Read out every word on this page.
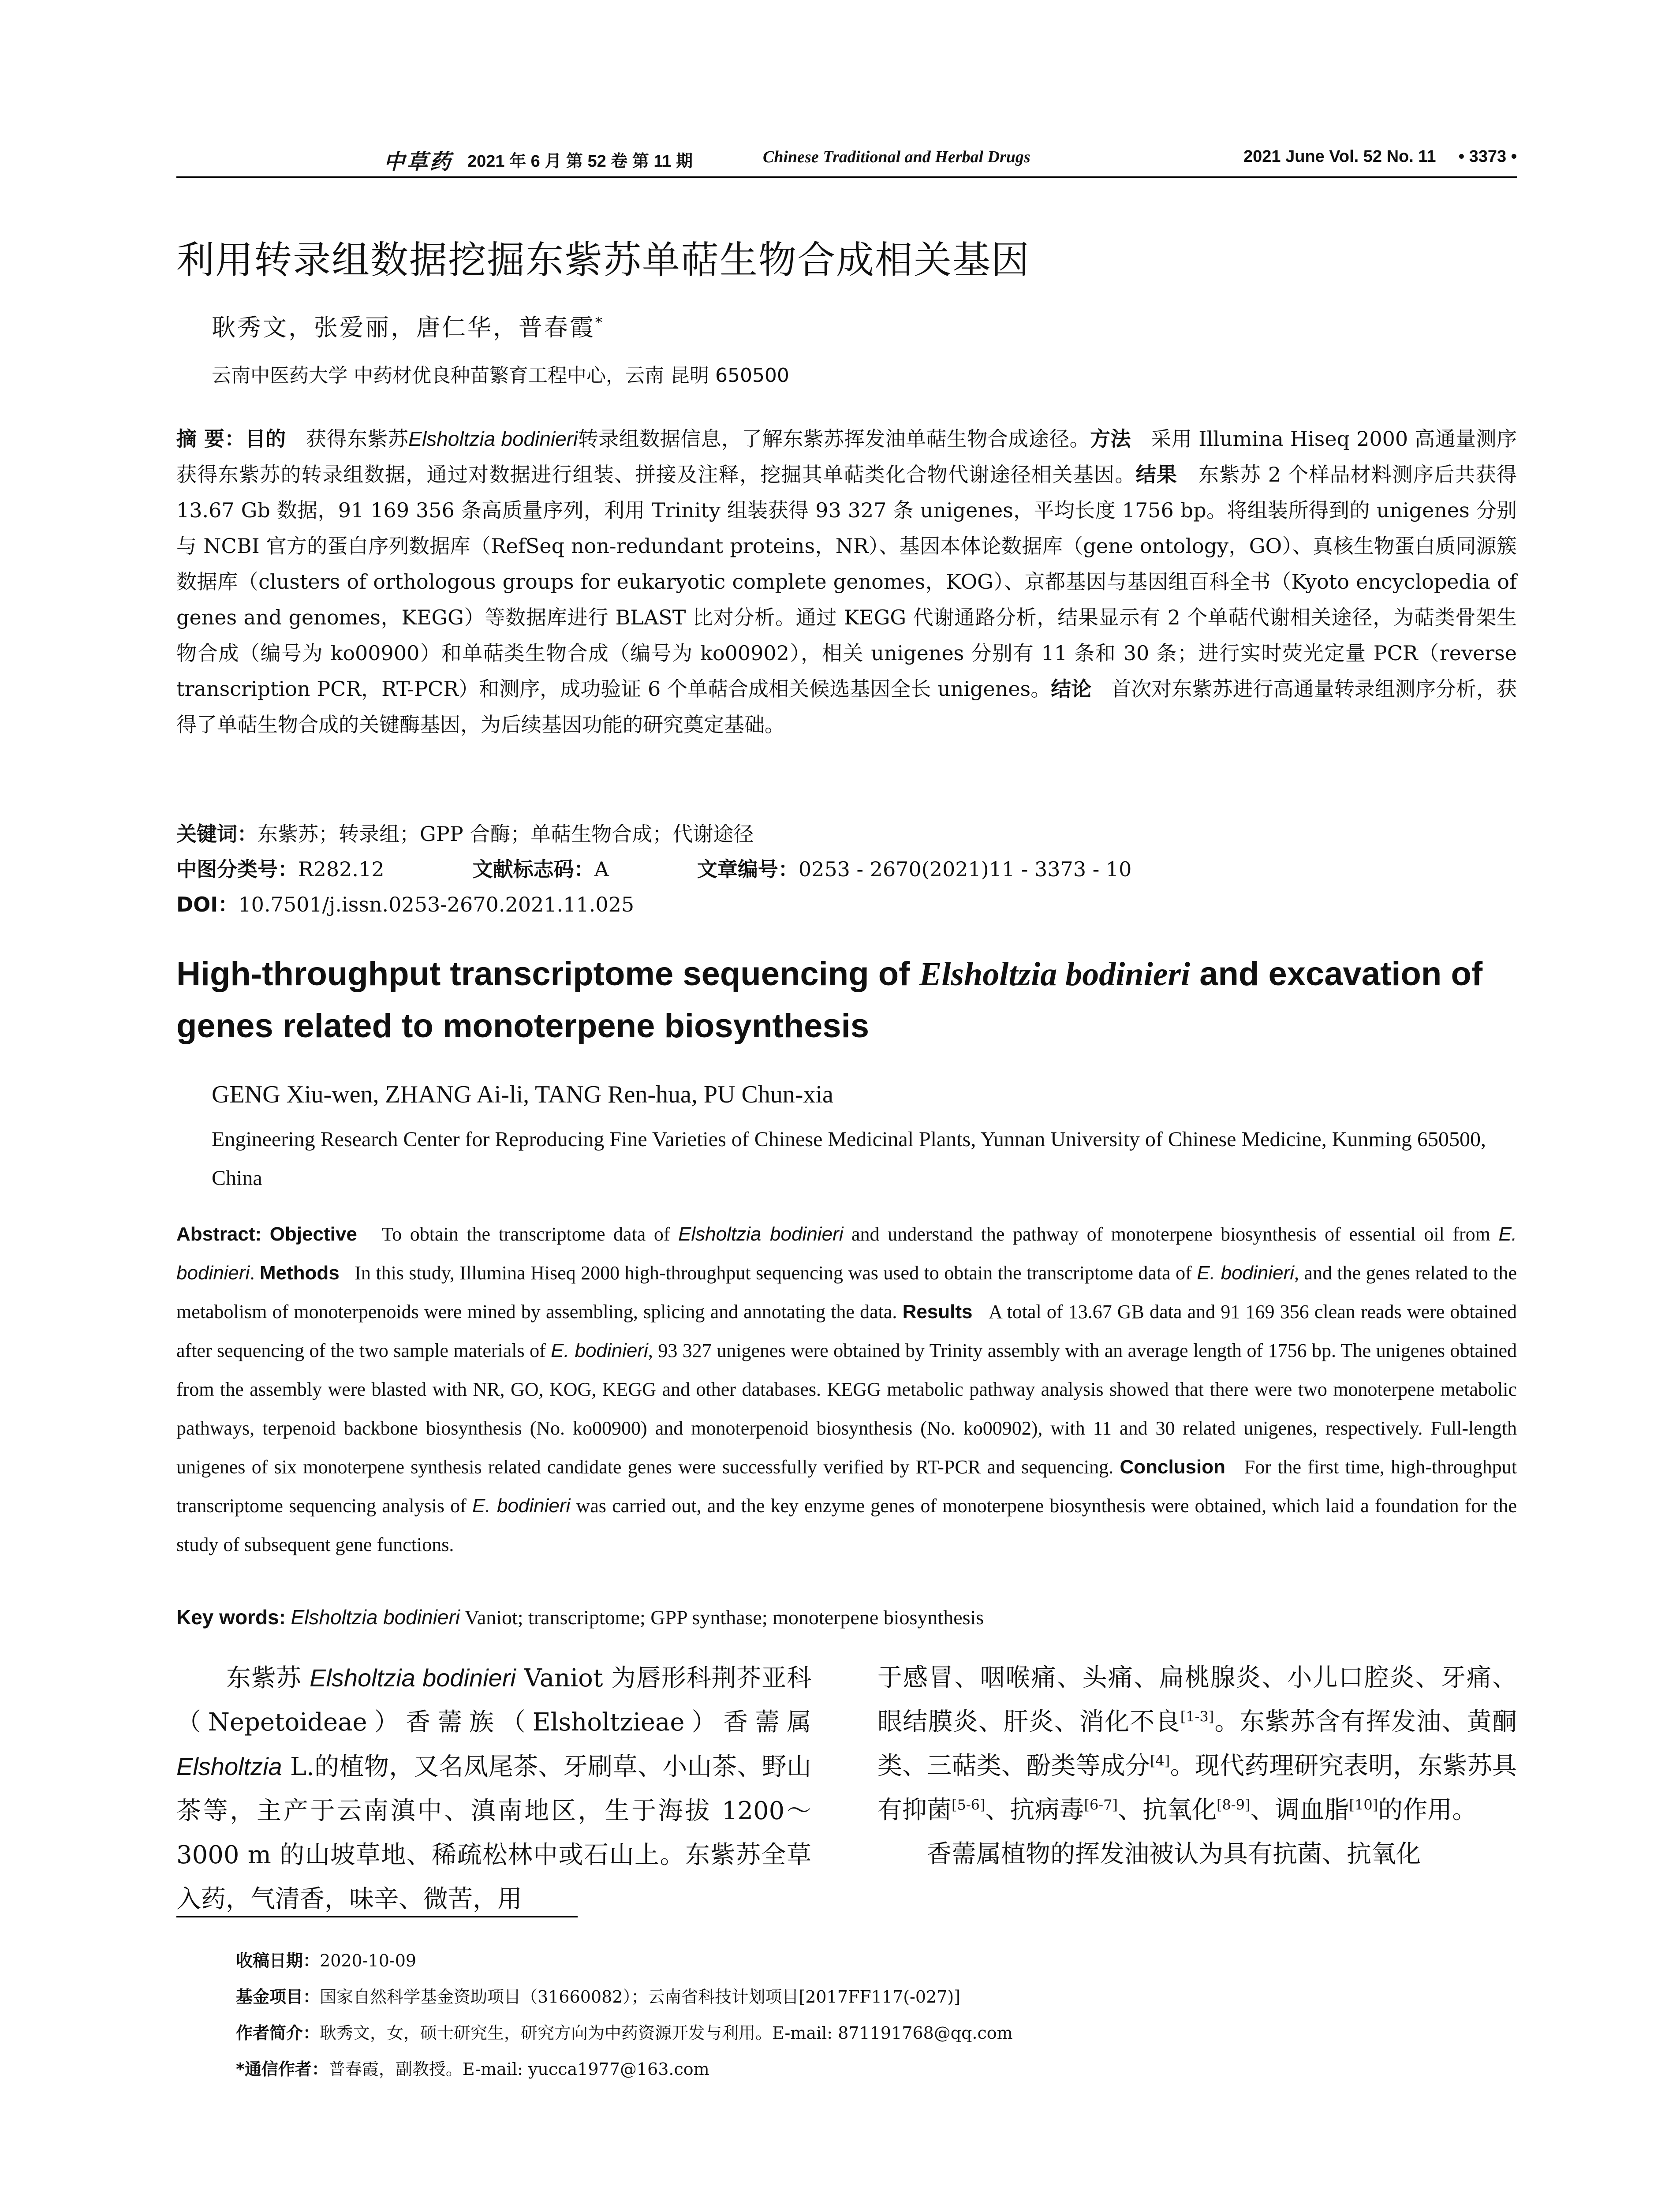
中草药 2021 年 6 月 第 52 卷 第 11 期	Chinese Traditional and Herbal Drugs	2021 June Vol. 52 No. 11 • 3373 •
利用转录组数据挖掘东紫苏单萜生物合成相关基因
耿秀文，张爱丽，唐仁华，普春霞*
云南中医药大学 中药材优良种苗繁育工程中心，云南 昆明 650500
摘 要：目的 获得东紫苏Elsholtzia bodinieri转录组数据信息，了解东紫苏挥发油单萜生物合成途径。方法 采用 Illumina Hiseq 2000 高通量测序获得东紫苏的转录组数据，通过对数据进行组装、拼接及注释，挖掘其单萜类化合物代谢途径相关基因。结果 东紫苏 2 个样品材料测序后共获得 13.67 Gb 数据，91 169 356 条高质量序列，利用 Trinity 组装获得 93 327 条 unigenes，平均长度 1756 bp。将组装所得到的 unigenes 分别与 NCBI 官方的蛋白序列数据库（RefSeq non-redundant proteins，NR）、基因本体论数据库（gene ontology，GO）、真核生物蛋白质同源簇数据库（clusters of orthologous groups for eukaryotic complete genomes，KOG）、京都基因与基因组百科全书（Kyoto encyclopedia of genes and genomes，KEGG）等数据库进行 BLAST 比对分析。通过 KEGG 代谢通路分析，结果显示有 2 个单萜代谢相关途径，为萜类骨架生物合成（编号为 ko00900）和单萜类生物合成（编号为 ko00902），相关 unigenes 分别有 11 条和 30 条；进行实时荧光定量 PCR（reverse transcription PCR，RT-PCR）和测序，成功验证 6 个单萜合成相关候选基因全长 unigenes。结论 首次对东紫苏进行高通量转录组测序分析，获得了单萜生物合成的关键酶基因，为后续基因功能的研究奠定基础。
关键词：东紫苏；转录组；GPP 合酶；单萜生物合成；代谢途径
中图分类号：R282.12	文献标志码：A	文章编号：0253 - 2670(2021)11 - 3373 - 10
DOI：10.7501/j.issn.0253-2670.2021.11.025
High-throughput transcriptome sequencing of Elsholtzia bodinieri and excavation of genes related to monoterpene biosynthesis
GENG Xiu-wen, ZHANG Ai-li, TANG Ren-hua, PU Chun-xia
Engineering Research Center for Reproducing Fine Varieties of Chinese Medicinal Plants, Yunnan University of Chinese Medicine, Kunming 650500, China
Abstract: Objective To obtain the transcriptome data of Elsholtzia bodinieri and understand the pathway of monoterpene biosynthesis of essential oil from E. bodinieri. Methods In this study, Illumina Hiseq 2000 high-throughput sequencing was used to obtain the transcriptome data of E. bodinieri, and the genes related to the metabolism of monoterpenoids were mined by assembling, splicing and annotating the data. Results A total of 13.67 GB data and 91 169 356 clean reads were obtained after sequencing of the two sample materials of E. bodinieri, 93 327 unigenes were obtained by Trinity assembly with an average length of 1756 bp. The unigenes obtained from the assembly were blasted with NR, GO, KOG, KEGG and other databases. KEGG metabolic pathway analysis showed that there were two monoterpene metabolic pathways, terpenoid backbone biosynthesis (No. ko00900) and monoterpenoid biosynthesis (No. ko00902), with 11 and 30 related unigenes, respectively. Full-length unigenes of six monoterpene synthesis related candidate genes were successfully verified by RT-PCR and sequencing. Conclusion For the first time, high-throughput transcriptome sequencing analysis of E. bodinieri was carried out, and the key enzyme genes of monoterpene biosynthesis were obtained, which laid a foundation for the study of subsequent gene functions.
Key words: Elsholtzia bodinieri Vaniot; transcriptome; GPP synthase; monoterpene biosynthesis
东紫苏 Elsholtzia bodinieri Vaniot 为唇形科荆芥亚科（Nepetoideae）香薷族（Elsholtzieae）香薷属 Elsholtzia L.的植物，又名凤尾茶、牙刷草、小山茶、野山茶等，主产于云南滇中、滇南地区，生于海拔 1200～3000 m 的山坡草地、稀疏松林中或石山上。东紫苏全草入药，气清香，味辛、微苦，用
于感冒、咽喉痛、头痛、扁桃腺炎、小儿口腔炎、牙痛、眼结膜炎、肝炎、消化不良[1-3]。东紫苏含有挥发油、黄酮类、三萜类、酚类等成分[4]。现代药理研究表明，东紫苏具有抑菌[5-6]、抗病毒[6-7]、抗氧化[8-9]、调血脂[10]的作用。
香薷属植物的挥发油被认为具有抗菌、抗氧化
收稿日期：2020-10-09
基金项目：国家自然科学基金资助项目（31660082）；云南省科技计划项目[2017FF117(-027)]
作者简介：耿秀文，女，硕士研究生，研究方向为中药资源开发与利用。E-mail: 871191768@qq.com
*通信作者：普春霞，副教授。E-mail: yucca1977@163.com
